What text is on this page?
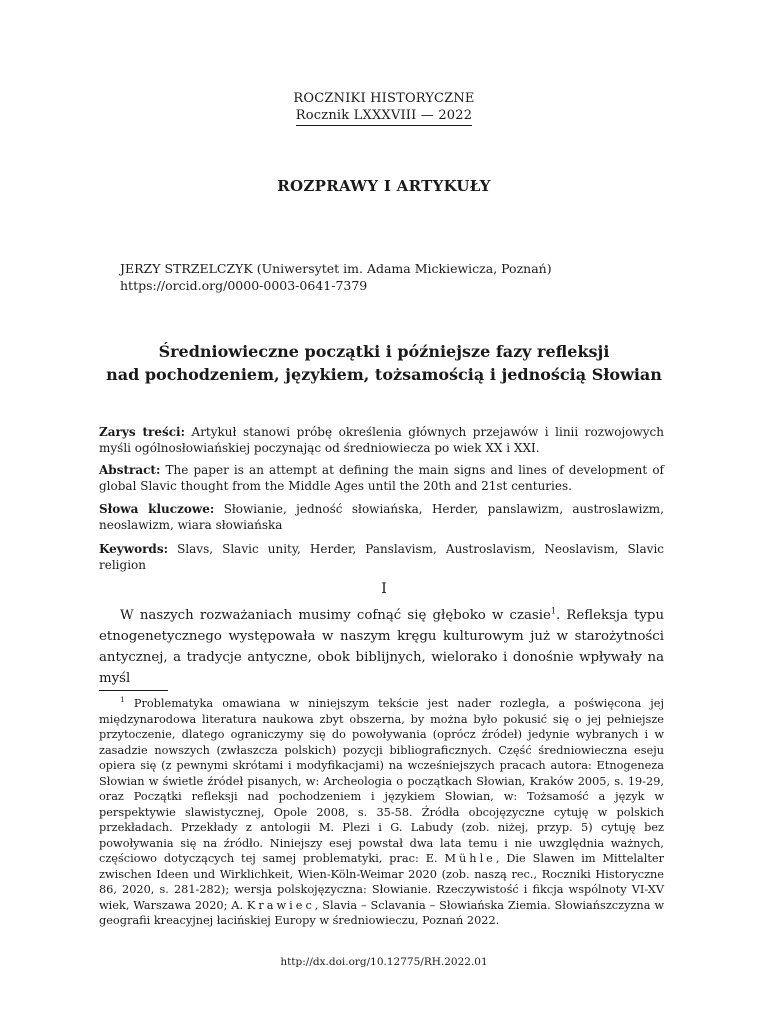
ROCZNIKI HISTORYCZNE
Rocznik LXXXVIII — 2022
ROZPRAWY I ARTYKUŁY
JERZY STRZELCZYK (Uniwersytet im. Adama Mickiewicza, Poznań)
https://orcid.org/0000-0003-0641-7379
Średniowieczne początki i późniejsze fazy refleksji
nad pochodzeniem, językiem, tożsamością i jednością Słowian
Zarys treści: Artykuł stanowi próbę określenia głównych przejawów i linii rozwojowych myśli ogólnosłowiańskiej poczynając od średniowiecza po wiek XX i XXI.
Abstract: The paper is an attempt at defining the main signs and lines of development of global Slavic thought from the Middle Ages until the 20th and 21st centuries.
Słowa kluczowe: Słowianie, jedność słowiańska, Herder, panslawizm, austroslawizm, neoslawizm, wiara słowiańska
Keywords: Slavs, Slavic unity, Herder, Panslavism, Austroslavism, Neoslavism, Slavic religion
I
W naszych rozważaniach musimy cofnąć się głęboko w czasie$^1$. Refleksja typu etnogenetycznego występowała w naszym kręgu kulturowym już w starożytności antycznej, a tradycje antyczne, obok biblijnych, wielorako i donośnie wpływały na myśl
$^1$ Problematyka omawiana w niniejszym tekście jest nader rozległa, a poświęcona jej międzynarodowa literatura naukowa zbyt obszerna, by można było pokusić się o jej pełniejsze przytoczenie, dlatego ograniczymy się do powoływania (oprócz źródeł) jedynie wybranych i w zasadzie nowszych (zwłaszcza polskich) pozycji bibliograficznych. Część średniowieczna eseju opiera się (z pewnymi skrótami i modyfikacjami) na wcześniejszych pracach autora: Etnogeneza Słowian w świetle źródeł pisanych, w: Archeologia o początkach Słowian, Kraków 2005, s. 19-29, oraz Początki refleksji nad pochodzeniem i językiem Słowian, w: Tożsamość a język w perspektywie slawistycznej, Opole 2008, s. 35-58. Źródła obcojęzyczne cytuję w polskich przekładach. Przekłady z antologii M. Plezi i G. Labudy (zob. niżej, przyp. 5) cytuję bez powoływania się na źródło. Niniejszy esej powstał dwa lata temu i nie uwzględnia ważnych, częściowo dotyczących tej samej problematyki, prac: E. Mühle, Die Slawen im Mittelalter zwischen Ideen und Wirklichkeit, Wien-Köln-Weimar 2020 (zob. naszą rec., Roczniki Historyczne 86, 2020, s. 281-282); wersja polskojęzyczna: Słowianie. Rzeczywistość i fikcja wspólnoty VI-XV wiek, Warszawa 2020; A. Krawiec, Slavia – Sclavania – Słowiańska Ziemia. Słowiańszczyzna w geografii kreacyjnej łacińskiej Europy w średniowieczu, Poznań 2022.
http://dx.doi.org/10.12775/RH.2022.01
